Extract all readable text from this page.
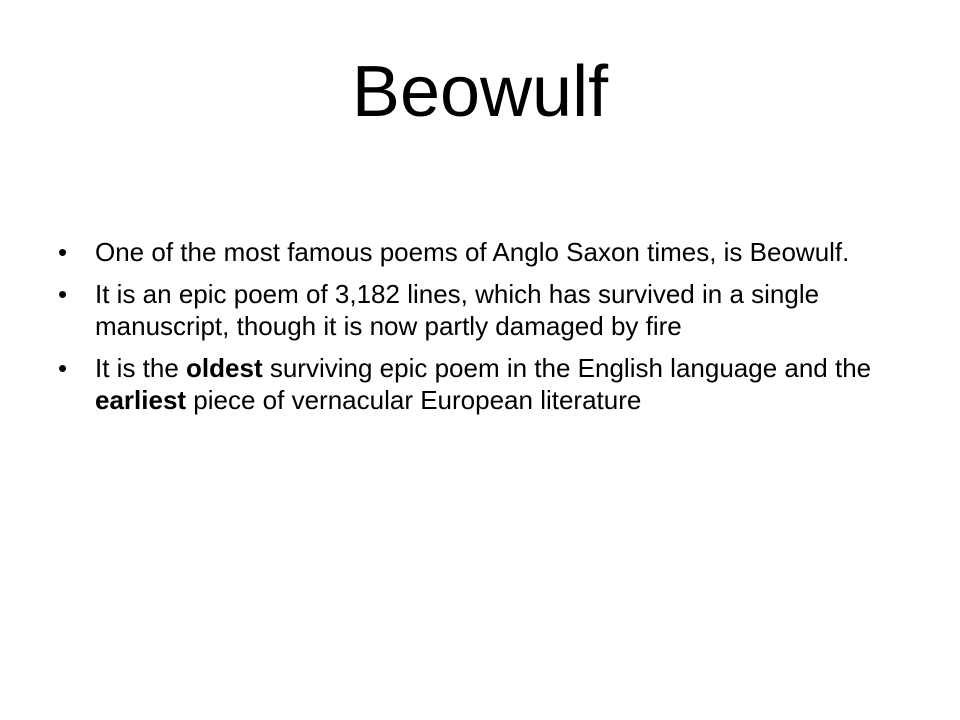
Beowulf
•	One of the most famous poems of Anglo Saxon times, is Beowulf.
•	It is an epic poem of 3,182 lines, which has survived in a single manuscript, though it is now partly damaged by fire
•	It is the oldest surviving epic poem in the English language and the earliest piece of vernacular European literature
